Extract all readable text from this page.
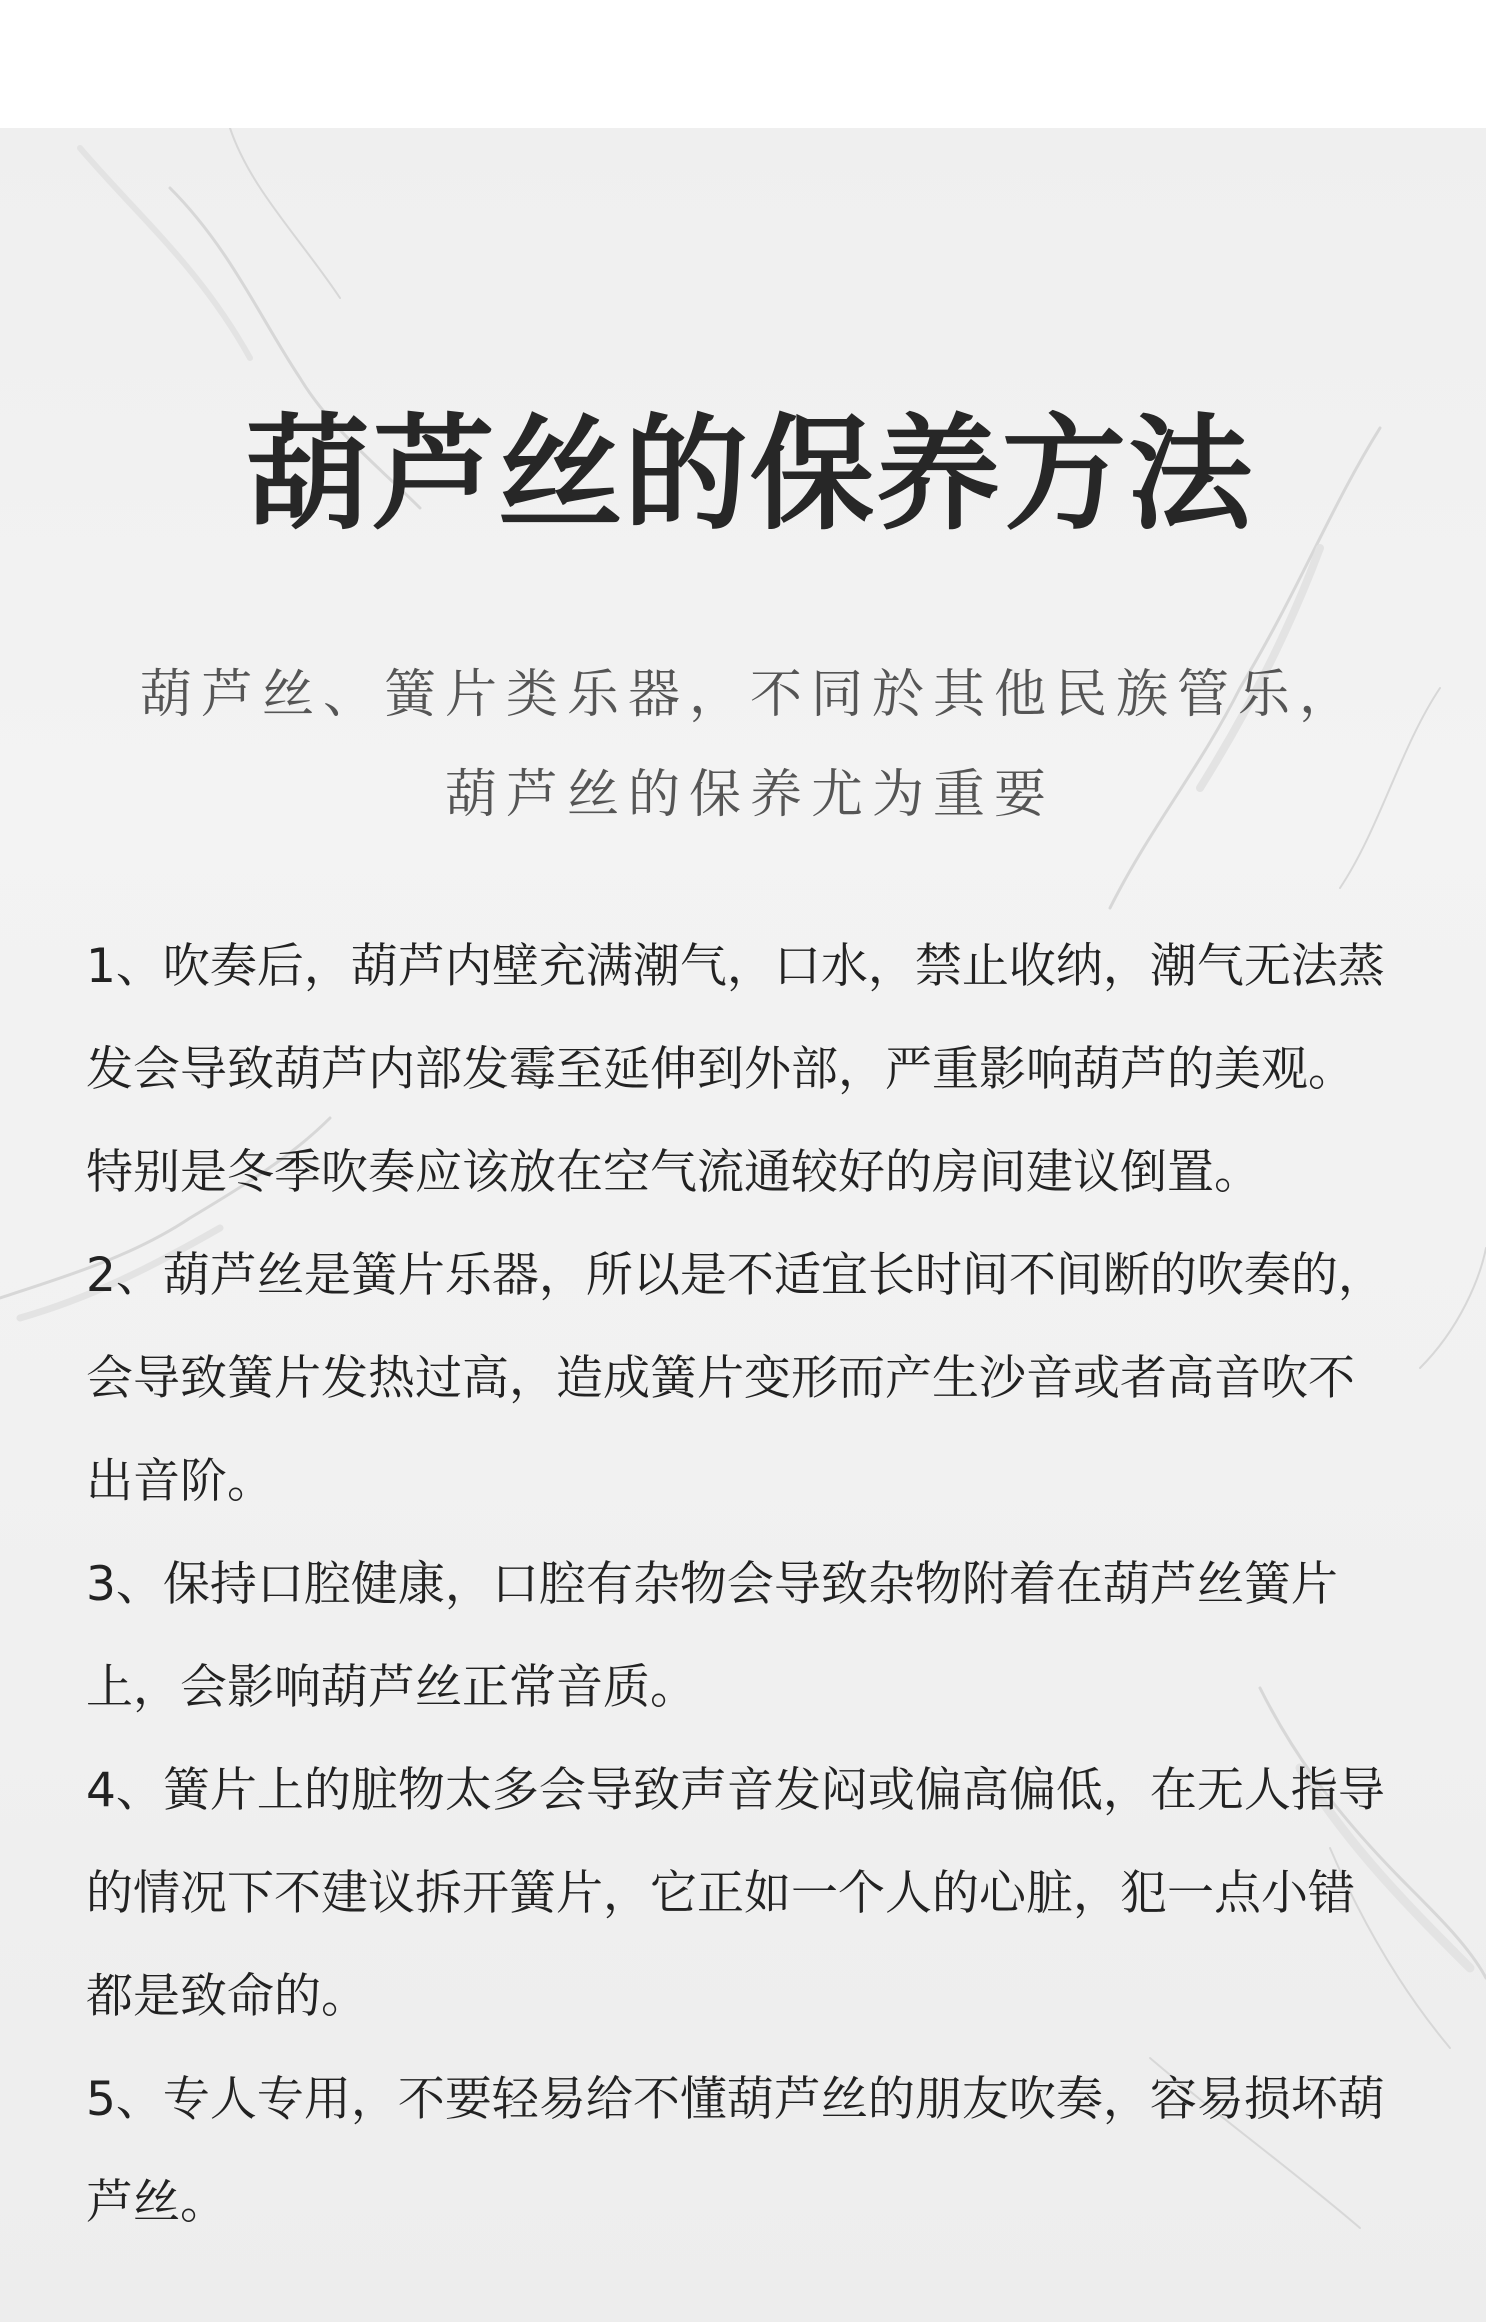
葫芦丝的保养方法

葫芦丝、簧片类乐器，不同於其他民族管乐，

葫芦丝的保养尤为重要

1、吹奏后，葫芦内壁充满潮气，口水，禁止收纳，潮气无法蒸发会导致葫芦内部发霉至延伸到外部，严重影响葫芦的美观。特别是冬季吹奏应该放在空气流通较好的房间建议倒置。

2、葫芦丝是簧片乐器，所以是不适宜长时间不间断的吹奏的，会导致簧片发热过高，造成簧片变形而产生沙音或者高音吹不出音阶。

3、保持口腔健康，口腔有杂物会导致杂物附着在葫芦丝簧片上，会影响葫芦丝正常音质。

4、簧片上的脏物太多会导致声音发闷或偏高偏低，在无人指导的情况下不建议拆开簧片，它正如一个人的心脏，犯一点小错都是致命的。

5、专人专用，不要轻易给不懂葫芦丝的朋友吹奏，容易损坏葫芦丝。
